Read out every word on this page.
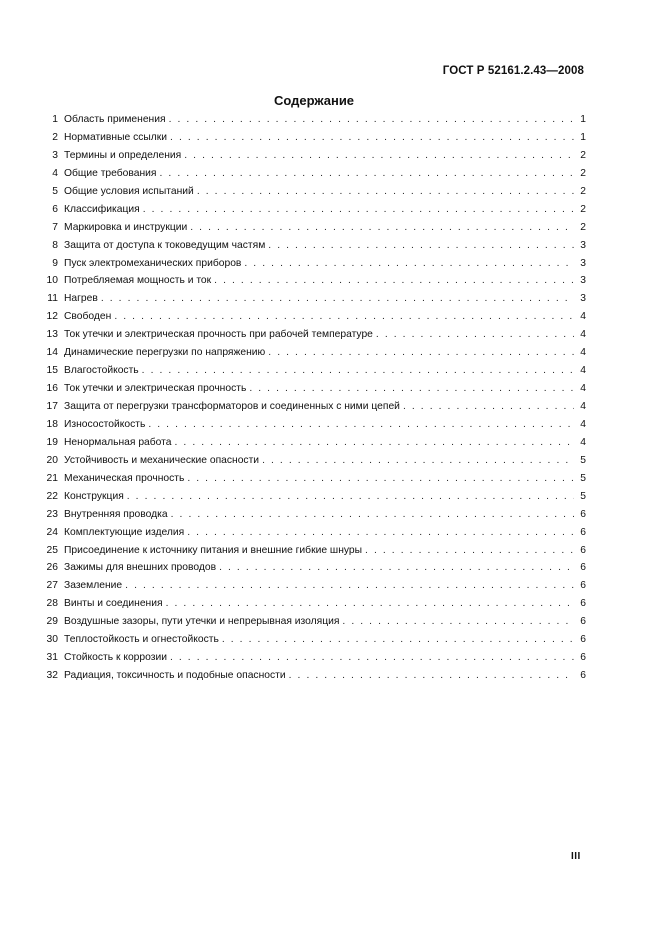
ГОСТ Р 52161.2.43—2008
Содержание
1 Область применения . . .	1
2 Нормативные ссылки . . .	1
3 Термины и определения . . .	2
4 Общие требования . . .	2
5 Общие условия испытаний . . .	2
6 Классификация . . .	2
7 Маркировка и инструкции . . .	2
8 Защита от доступа к токоведущим частям . . .	3
9 Пуск электромеханических приборов . . .	3
10 Потребляемая мощность и ток . . .	3
11 Нагрев . . .	3
12 Свободен . . .	4
13 Ток утечки и электрическая прочность при рабочей температуре . . .	4
14 Динамические перегрузки по напряжению . . .	4
15 Влагостойкость . . .	4
16 Ток утечки и электрическая прочность . . .	4
17 Защита от перегрузки трансформаторов и соединенных с ними цепей . . .	4
18 Износостойкость . . .	4
19 Ненормальная работа . . .	4
20 Устойчивость и механические опасности . . .	5
21 Механическая прочность . . .	5
22 Конструкция . . .	5
23 Внутренняя проводка . . .	6
24 Комплектующие изделия . . .	6
25 Присоединение к источнику питания и внешние гибкие шнуры . . .	6
26 Зажимы для внешних проводов . . .	6
27 Заземление . . .	6
28 Винты и соединения . . .	6
29 Воздушные зазоры, пути утечки и непрерывная изоляция . . .	6
30 Теплостойкость и огнестойкость . . .	6
31 Стойкость к коррозии . . .	6
32 Радиация, токсичность и подобные опасности . . .	6
III
